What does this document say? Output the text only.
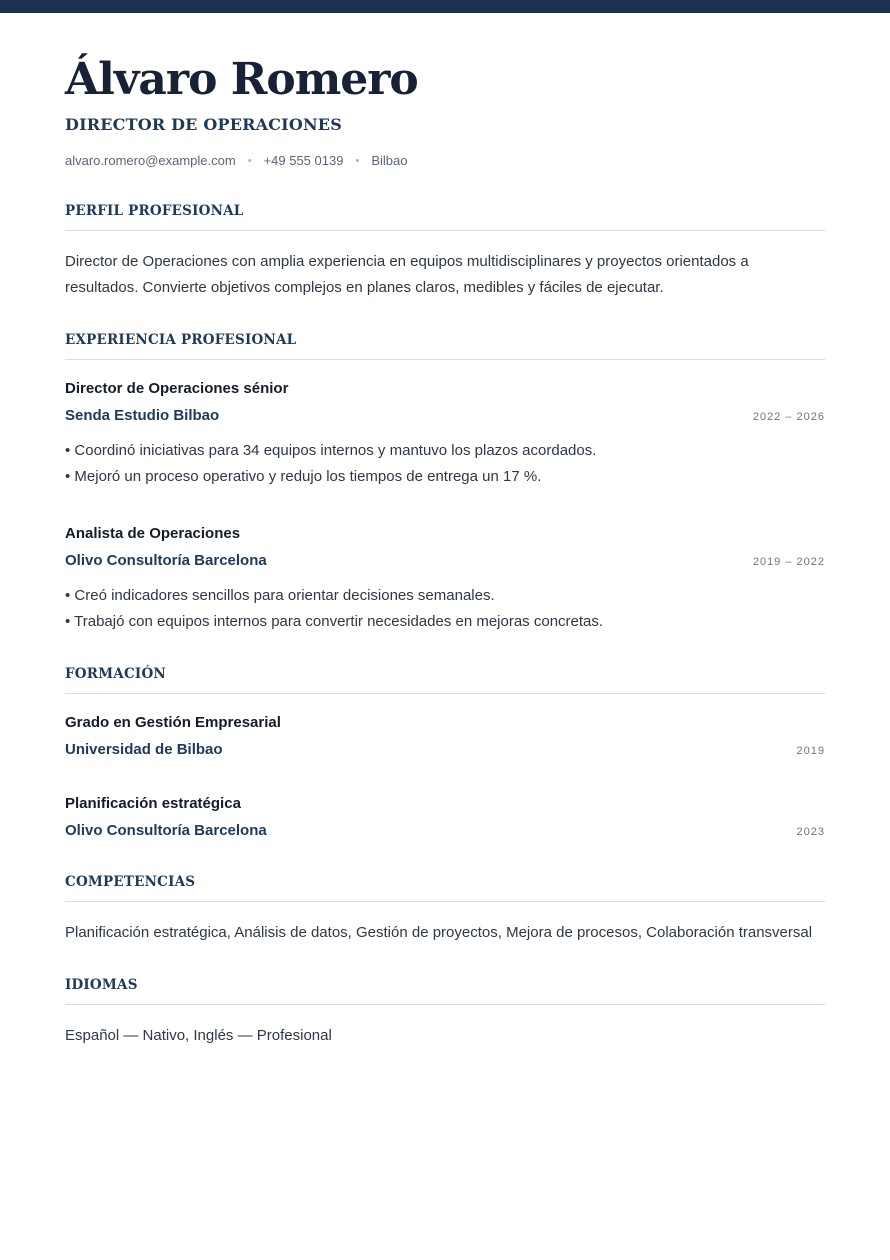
Álvaro Romero
DIRECTOR DE OPERACIONES
alvaro.romero@example.com • +49 555 0139 • Bilbao
PERFIL PROFESIONAL
Director de Operaciones con amplia experiencia en equipos multidisciplinares y proyectos orientados a resultados. Convierte objetivos complejos en planes claros, medibles y fáciles de ejecutar.
EXPERIENCIA PROFESIONAL
Director de Operaciones sénior
Senda Estudio Bilbao	2022 – 2026
• Coordinó iniciativas para 34 equipos internos y mantuvo los plazos acordados.
• Mejoró un proceso operativo y redujo los tiempos de entrega un 17 %.
Analista de Operaciones
Olivo Consultoría Barcelona	2019 – 2022
• Creó indicadores sencillos para orientar decisiones semanales.
• Trabajó con equipos internos para convertir necesidades en mejoras concretas.
FORMACIÓN
Grado en Gestión Empresarial
Universidad de Bilbao	2019
Planificación estratégica
Olivo Consultoría Barcelona	2023
COMPETENCIAS
Planificación estratégica, Análisis de datos, Gestión de proyectos, Mejora de procesos, Colaboración transversal
IDIOMAS
Español — Nativo, Inglés — Profesional
